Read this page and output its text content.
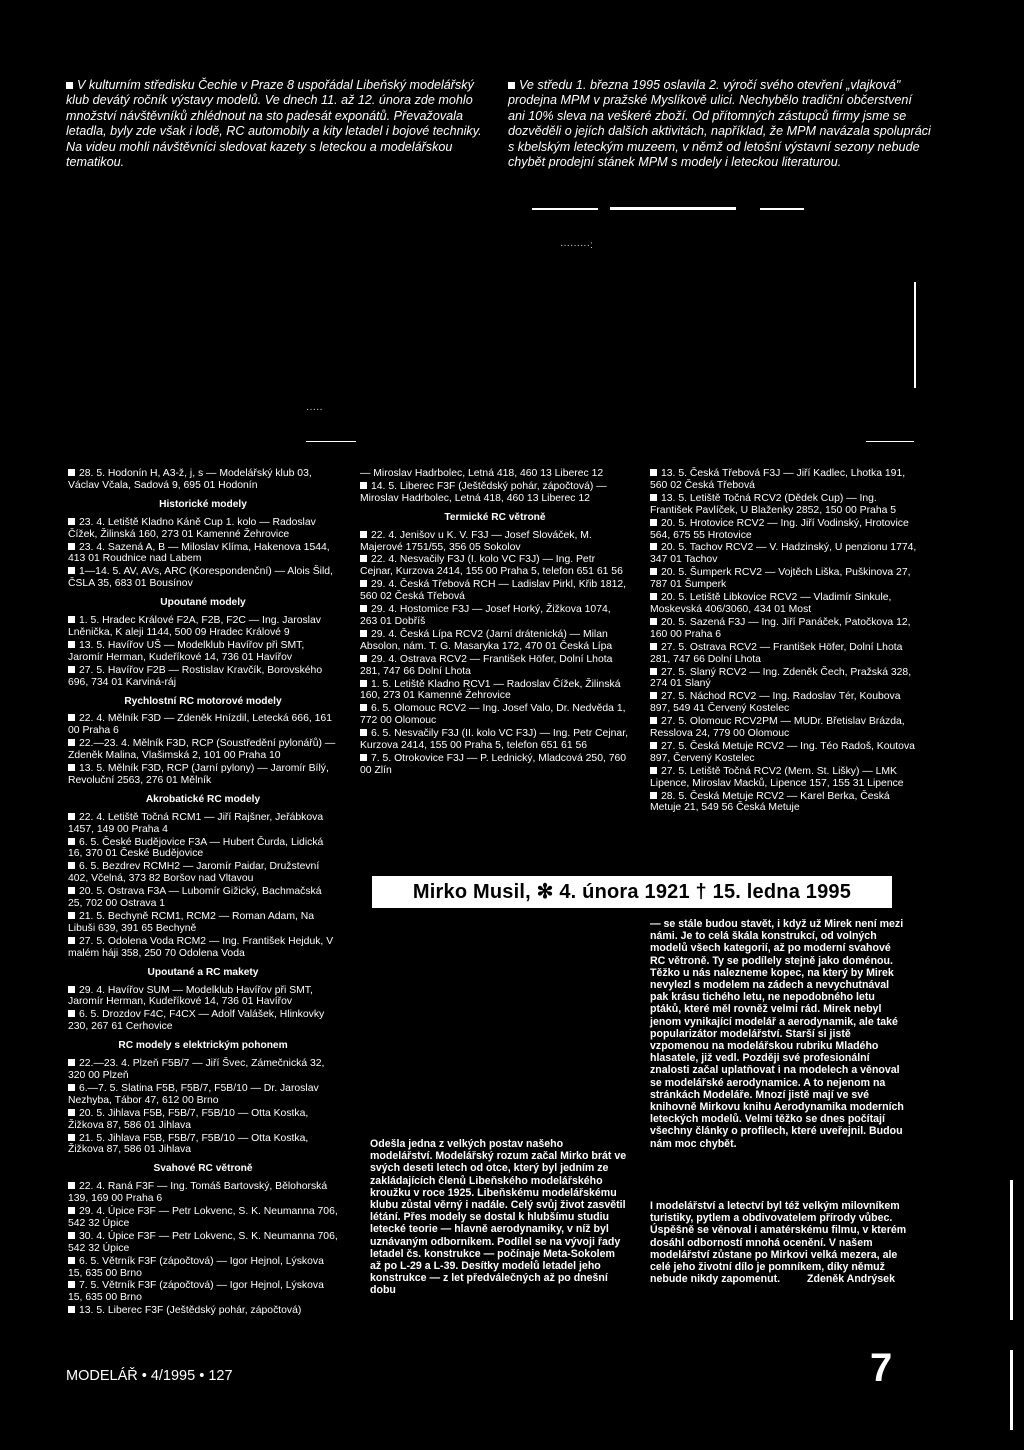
V kulturním středisku Čechie v Praze 8 uspořádal Libeňský modelářský klub devátý ročník výstavy modelů. Ve dnech 11. až 12. února zde mohlo množství návštěvníků zhlédnout na sto padesát exponátů. Převažovala letadla, byly zde však i lodě, RC automobily a kity letadel i bojové techniky. Na videu mohli návštěvníci sledovat kazety s leteckou a modelářskou tematikou.
Ve středu 1. března 1995 oslavila 2. výročí svého otevření „vlajková" prodejna MPM v pražské Myslíkově ulici. Nechybělo tradiční občerstvení ani 10% sleva na veškeré zboží. Od přítomných zástupců firmy jsme se dozvěděli o jejích dalších aktivitách, například, že MPM navázala spolupráci s kbelským leteckým muzeem, v němž od letošní výstavní sezony nebude chybět prodejní stánek MPM s modely i leteckou literaturou.
·········:
·····
28. 5. Hodonín H, A3-ž, j, s — Modelářský klub 03, Václav Včala, Sadová 9, 695 01 Hodonín
Historické modely
23. 4. Letiště Kladno Káně Cup 1. kolo — Radoslav Čížek, Žilinská 160, 273 01 Kamenné Žehrovice
23. 4. Sazená A, B — Miloslav Klíma, Hakenova 1544, 413 01 Roudnice nad Labem
1—14. 5. AV, AVs, ARC (Korespondenční) — Alois Šild, ČSLA 35, 683 01 Bousínov
Upoutané modely
1. 5. Hradec Králové F2A, F2B, F2C — Ing. Jaroslav Lněnička, K aleji 1144, 500 09 Hradec Králové 9
13. 5. Havířov UŠ — Modelklub Havířov při SMT, Jaromír Herman, Kudeříkové 14, 736 01 Havířov
27. 5. Havířov F2B — Rostislav Kravčík, Borovského 696, 734 01 Karviná-ráj
Rychlostní RC motorové modely
22. 4. Mělník F3D — Zdeněk Hnízdil, Letecká 666, 161 00 Praha 6
22.—23. 4. Mělník F3D, RCP (Soustředění pylonářů) — Zdeněk Malina, Vlašimská 2, 101 00 Praha 10
13. 5. Mělník F3D, RCP (Jarní pylony) — Jaromír Bílý, Revoluční 2563, 276 01 Mělník
Akrobatické RC modely
22. 4. Letiště Točná RCM1 — Jiří Rajšner, Jeřábkova 1457, 149 00 Praha 4
6. 5. České Budějovice F3A — Hubert Čurda, Lidická 16, 370 01 České Budějovice
6. 5. Bezdrev RCMH2 — Jaromír Paidar, Družstevní 402, Včelná, 373 82 Boršov nad Vltavou
20. 5. Ostrava F3A — Lubomír Gižický, Bachmačská 25, 702 00 Ostrava 1
21. 5. Bechyně RCM1, RCM2 — Roman Adam, Na Libuši 639, 391 65 Bechyně
27. 5. Odolena Voda RCM2 — Ing. František Hejduk, V malém háji 358, 250 70 Odolena Voda
Upoutané a RC makety
29. 4. Havířov SUM — Modelklub Havířov při SMT, Jaromír Herman, Kudeříkové 14, 736 01 Havířov
6. 5. Drozdov F4C, F4CX — Adolf Valášek, Hlinkovky 230, 267 61 Cerhovice
RC modely s elektrickým pohonem
22.—23. 4. Plzeň F5B/7 — Jiří Švec, Zámečnická 32, 320 00 Plzeň
6.—7. 5. Slatina F5B, F5B/7, F5B/10 — Dr. Jaroslav Nezhyba, Tábor 47, 612 00 Brno
20. 5. Jihlava F5B, F5B/7, F5B/10 — Otta Kostka, Žižkova 87, 586 01 Jihlava
21. 5. Jihlava F5B, F5B/7, F5B/10 — Otta Kostka, Žižkova 87, 586 01 Jihlava
Svahové RC větroně
22. 4. Raná F3F — Ing. Tomáš Bartovský, Bělohorská 139, 169 00 Praha 6
29. 4. Úpice F3F — Petr Lokvenc, S. K. Neumanna 706, 542 32 Úpice
30. 4. Úpice F3F — Petr Lokvenc, S. K. Neumanna 706, 542 32 Úpice
6. 5. Větrník F3F (zápočtová) — Igor Hejnol, Lýskova 15, 635 00 Brno
7. 5. Větrník F3F (zápočtová) — Igor Hejnol, Lýskova 15, 635 00 Brno
13. 5. Liberec F3F (Ještědský pohár, zápočtová)
— Miroslav Hadrbolec, Letná 418, 460 13 Liberec 12
14. 5. Liberec F3F (Ještědský pohár, zápočtová) — Miroslav Hadrbolec, Letná 418, 460 13 Liberec 12
Termické RC větroně
22. 4. Jenišov u K. V. F3J — Josef Slováček, M. Majerové 1751/55, 356 05 Sokolov
22. 4. Nesvačily F3J (I. kolo VC F3J) — Ing. Petr Cejnar, Kurzova 2414, 155 00 Praha 5, telefon 651 61 56
29. 4. Česká Třebová RCH — Ladislav Pirkl, Křib 1812, 560 02 Česká Třebová
29. 4. Hostomice F3J — Josef Horký, Žižkova 1074, 263 01 Dobříš
29. 4. Česká Lípa RCV2 (Jarní drátenická) — Milan Absolon, nám. T. G. Masaryka 172, 470 01 Česká Lípa
29. 4. Ostrava RCV2 — František Höfer, Dolní Lhota 281, 747 66 Dolní Lhota
1. 5. Letiště Kladno RCV1 — Radoslav Čížek, Žilinská 160, 273 01 Kamenné Žehrovice
6. 5. Olomouc RCV2 — Ing. Josef Valo, Dr. Nedvěda 1, 772 00 Olomouc
6. 5. Nesvačily F3J (II. kolo VC F3J) — Ing. Petr Cejnar, Kurzova 2414, 155 00 Praha 5, telefon 651 61 56
7. 5. Otrokovice F3J — P. Lednický, Mladcová 250, 760 00 Zlín
13. 5. Česká Třebová F3J — Jiří Kadlec, Lhotka 191, 560 02 Česká Třebová
13. 5. Letiště Točná RCV2 (Dědek Cup) — Ing. František Pavlíček, U Blaženky 2852, 150 00 Praha 5
20. 5. Hrotovice RCV2 — Ing. Jiří Vodinský, Hrotovice 564, 675 55 Hrotovice
20. 5. Tachov RCV2 — V. Hadzinský, U penzionu 1774, 347 01 Tachov
20. 5. Šumperk RCV2 — Vojtěch Liška, Puškinova 27, 787 01 Šumperk
20. 5. Letiště Libkovice RCV2 — Vladimír Sinkule, Moskevská 406/3060, 434 01 Most
20. 5. Sazená F3J — Ing. Jiří Panáček, Patočkova 12, 160 00 Praha 6
27. 5. Ostrava RCV2 — František Höfer, Dolní Lhota 281, 747 66 Dolní Lhota
27. 5. Slaný RCV2 — Ing. Zdeněk Čech, Pražská 328, 274 01 Slaný
27. 5. Náchod RCV2 — Ing. Radoslav Tér, Koubova 897, 549 41 Červený Kostelec
27. 5. Olomouc RCV2PM — MUDr. Břetislav Brázda, Resslova 24, 779 00 Olomouc
27. 5. Česká Metuje RCV2 — Ing. Téo Radoš, Koutova 897, Červený Kostelec
27. 5. Letiště Točná RCV2 (Mem. St. Lišky) — LMK Lipence, Miroslav Macků, Lipence 157, 155 31 Lipence
28. 5. Česká Metuje RCV2 — Karel Berka, Česká Metuje 21, 549 56 Česká Metuje
Mirko Musil, ✻ 4. února 1921 † 15. ledna 1995
Odešla jedna z velkých postav našeho modelářství. Modelářský rozum začal Mirko brát ve svých deseti letech od otce, který byl jedním ze zakládajících členů Libeňského modelářského kroužku v roce 1925. Libeňskému modelářskému klubu zůstal věrný i nadále. Celý svůj život zasvětil létání. Přes modely se dostal k hlubšímu studiu letecké teorie — hlavně aerodynamiky, v níž byl uznávaným odborníkem. Podílel se na vývoji řady letadel čs. konstrukce — počínaje Meta-Sokolem až po L-29 a L-39. Desítky modelů letadel jeho konstrukce — z let předválečných až po dnešní dobu
— se stále budou stavět, i když už Mirek není mezi námi. Je to celá škála konstrukcí, od volných modelů všech kategorií, až po moderní svahové RC větroně. Ty se podílely stejně jako doménou. Těžko u nás nalezneme kopec, na který by Mirek nevylezl s modelem na zádech a nevychutnával pak krásu tichého letu, ne nepodobného letu ptáků, které měl rovněž velmi rád. Mirek nebyl jenom vynikající modelář a aerodynamik, ale také popularizátor modelářství. Starší si jistě vzpomenou na modelářskou rubriku Mladého hlasatele, již vedl. Později své profesionální znalosti začal uplatňovat i na modelech a věnoval se modelářské aerodynamice. A to nejenom na stránkách Modeláře. Mnozí jistě mají ve své knihovně Mirkovu knihu Aerodynamika moderních leteckých modelů. Velmi těžko se dnes počítají všechny články o profilech, které uveřejnil. Budou nám moc chybět.
I modelářství a letectví byl též velkým milovníkem turistiky, pytlem a obdivovatelem přírody vůbec. Úspěšně se věnoval i amatérskému filmu, v kterém dosáhl odborností mnohá ocenění. V našem modelářství zůstane po Mirkovi velká mezera, ale celé jeho životní dílo je pomníkem, díky němuž nebude nikdy zapomenut.	Zdeněk Andrýsek
MODELÁŘ • 4/1995 • 127	7
